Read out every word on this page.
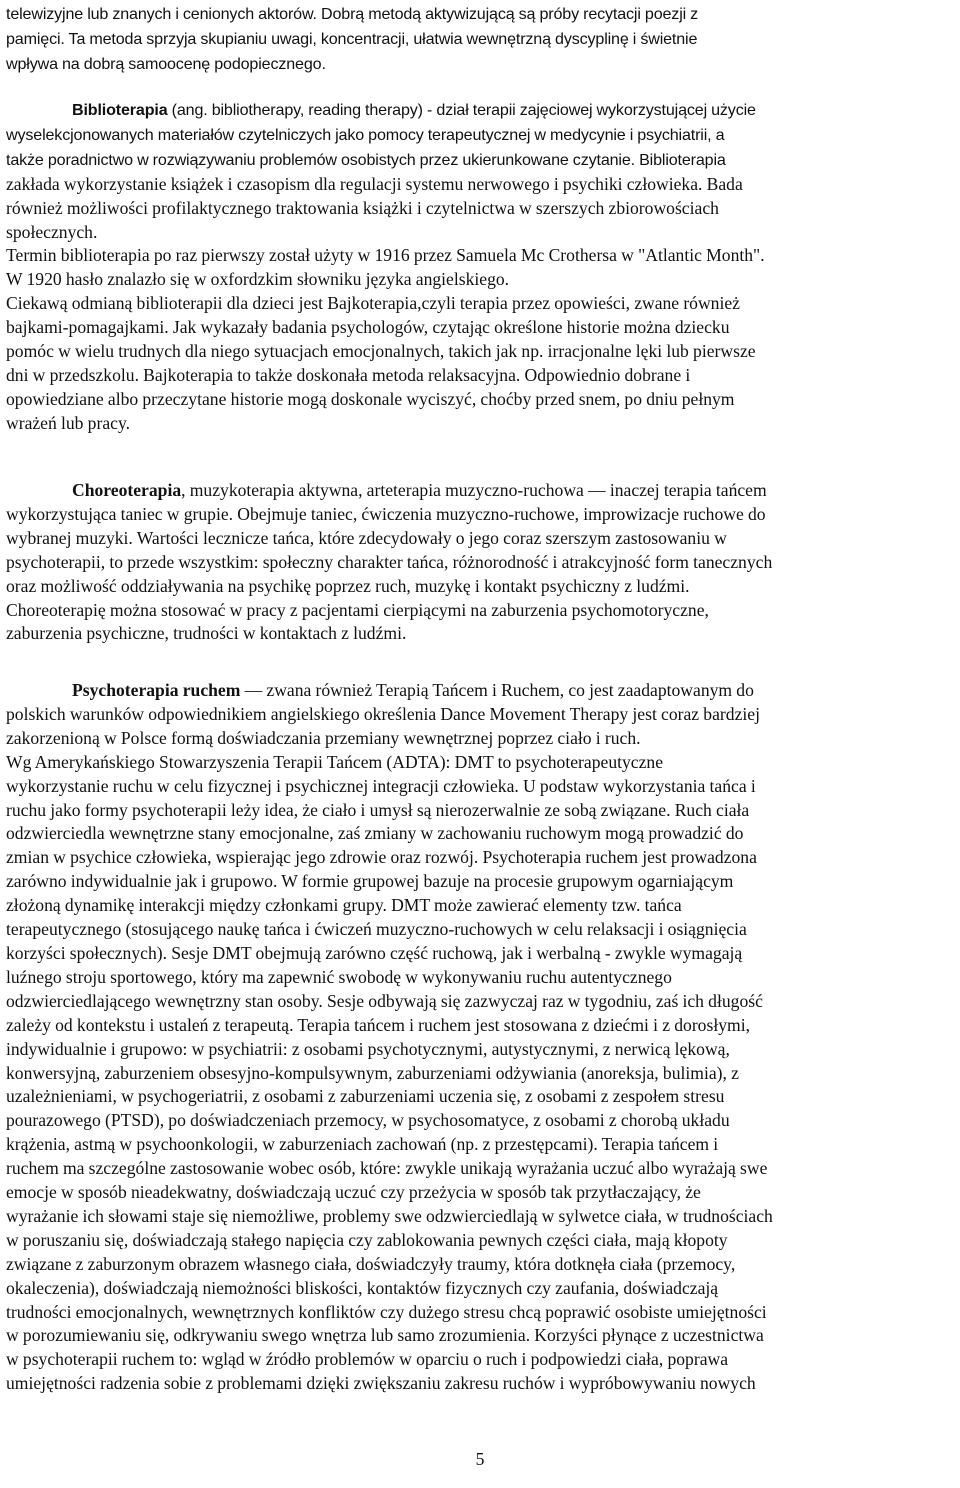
telewizyjne lub znanych i cenionych aktorów. Dobrą metodą aktywizującą są próby recytacji poezji z
pamięci. Ta metoda sprzyja skupianiu uwagi, koncentracji, ułatwia wewnętrzną dyscyplinę i świetnie
wpływa na dobrą samoocenę podopiecznego.

Biblioterapia (ang. bibliotherapy, reading therapy) - dział terapii zajęciowej wykorzystującej użycie
wyselekcjonowanych materiałów czytelniczych jako pomocy terapeutycznej w medycynie i psychiatrii, a
także poradnictwo w rozwiązywaniu problemów osobistych przez ukierunkowane czytanie. Biblioterapia
zakłada wykorzystanie książek i czasopism dla regulacji systemu nerwowego i psychiki człowieka. Bada
również możliwości profilaktycznego traktowania książki i czytelnictwa w szerszych zbiorowościach
społecznych.
Termin biblioterapia po raz pierwszy został użyty w 1916 przez Samuela Mc Crothersa w "Atlantic Month".
W 1920 hasło znalazło się w oxfordzkim słowniku języka angielskiego.
Ciekawą odmianą biblioterapii dla dzieci jest Bajkoterapia,czyli terapia przez opowieści, zwane również
bajkami-pomagajkami. Jak wykazały badania psychologów, czytając określone historie można dziecku
pomóc w wielu trudnych dla niego sytuacjach emocjonalnych, takich jak np. irracjonalne lęki lub pierwsze
dni w przedszkolu. Bajkoterapia to także doskonała metoda relaksacyjna. Odpowiednio dobrane i
opowiedziane albo przeczytane historie mogą doskonale wyciszyć, choćby przed snem, po dniu pełnym
wrażeń lub pracy.

Choreoterapia, muzykoterapia aktywna, arteterapia muzyczno-ruchowa — inaczej terapia tańcem
wykorzystująca taniec w grupie. Obejmuje taniec, ćwiczenia muzyczno-ruchowe, improwizacje ruchowe do
wybranej muzyki. Wartości lecznicze tańca, które zdecydowały o jego coraz szerszym zastosowaniu w
psychoterapii, to przede wszystkim: społeczny charakter tańca, różnorodność i atrakcyjność form tanecznych
oraz możliwość oddziaływania na psychikę poprzez ruch, muzykę i kontakt psychiczny z ludźmi.
Choreoterapię można stosować w pracy z pacjentami cierpiącymi na zaburzenia psychomotoryczne,
zaburzenia psychiczne, trudności w kontaktach z ludźmi.

Psychoterapia ruchem — zwana również Terapią Tańcem i Ruchem, co jest zaadaptowanym do
polskich warunków odpowiednikiem angielskiego określenia Dance Movement Therapy jest coraz bardziej
zakorzenioną w Polsce formą doświadczania przemiany wewnętrznej poprzez ciało i ruch.
Wg Amerykańskiego Stowarzyszenia Terapii Tańcem (ADTA): DMT to psychoterapeutyczne
wykorzystanie ruchu w celu fizycznej i psychicznej integracji człowieka. U podstaw wykorzystania tańca i
ruchu jako formy psychoterapii leży idea, że ciało i umysł są nierozerwalnie ze sobą związane. Ruch ciała
odzwierciedla wewnętrzne stany emocjonalne, zaś zmiany w zachowaniu ruchowym mogą prowadzić do
zmian w psychice człowieka, wspierając jego zdrowie oraz rozwój. Psychoterapia ruchem jest prowadzona
zarówno indywidualnie jak i grupowo. W formie grupowej bazuje na procesie grupowym ogarniającym
złożoną dynamikę interakcji między członkami grupy. DMT może zawierać elementy tzw. tańca
terapeutycznego (stosującego naukę tańca i ćwiczeń muzyczno-ruchowych w celu relaksacji i osiągnięcia
korzyści społecznych). Sesje DMT obejmują zarówno część ruchową, jak i werbalną - zwykle wymagają
luźnego stroju sportowego, który ma zapewnić swobodę w wykonywaniu ruchu autentycznego
odzwierciedlającego wewnętrzny stan osoby. Sesje odbywają się zazwyczaj raz w tygodniu, zaś ich długość
zależy od kontekstu i ustaleń z terapeutą. Terapia tańcem i ruchem jest stosowana z dziećmi i z dorosłymi,
indywidualnie i grupowo: w psychiatrii: z osobami psychotycznymi, autystycznymi, z nerwicą lękową,
konwersyjną, zaburzeniem obsesyjno-kompulsywnym, zaburzeniami odżywiania (anoreksja, bulimia), z
uzależnieniami, w psychogeriatrii, z osobami z zaburzeniami uczenia się, z osobami z zespołem stresu
pourazowego (PTSD), po doświadczeniach przemocy, w psychosomatyce, z osobami z chorobą układu
krążenia, astmą w psychoonkologii, w zaburzeniach zachowań (np. z przestępcami). Terapia tańcem i
ruchem ma szczególne zastosowanie wobec osób, które: zwykle unikają wyrażania uczuć albo wyrażają swe
emocje w sposób nieadekwatny, doświadczają uczuć czy przeżycia w sposób tak przytłaczający, że
wyrażanie ich słowami staje się niemożliwe, problemy swe odzwierciedlają w sylwetce ciała, w trudnościach
w poruszaniu się, doświadczają stałego napięcia czy zablokowania pewnych części ciała, mają kłopoty
związane z zaburzonym obrazem własnego ciała, doświadczyły traumy, która dotknęła ciała (przemocy,
okaleczenia), doświadczają niemożności bliskości, kontaktów fizycznych czy zaufania, doświadczają
trudności emocjonalnych, wewnętrznych konfliktów czy dużego stresu chcą poprawić osobiste umiejętności
w porozumiewaniu się, odkrywaniu swego wnętrza lub samo zrozumienia. Korzyści płynące z uczestnictwa
w psychoterapii ruchem to: wgląd w źródło problemów w oparciu o ruch i podpowiedzi ciała, poprawa
umiejętności radzenia sobie z problemami dzięki zwiększaniu zakresu ruchów i wypróbowywaniu nowych

5
